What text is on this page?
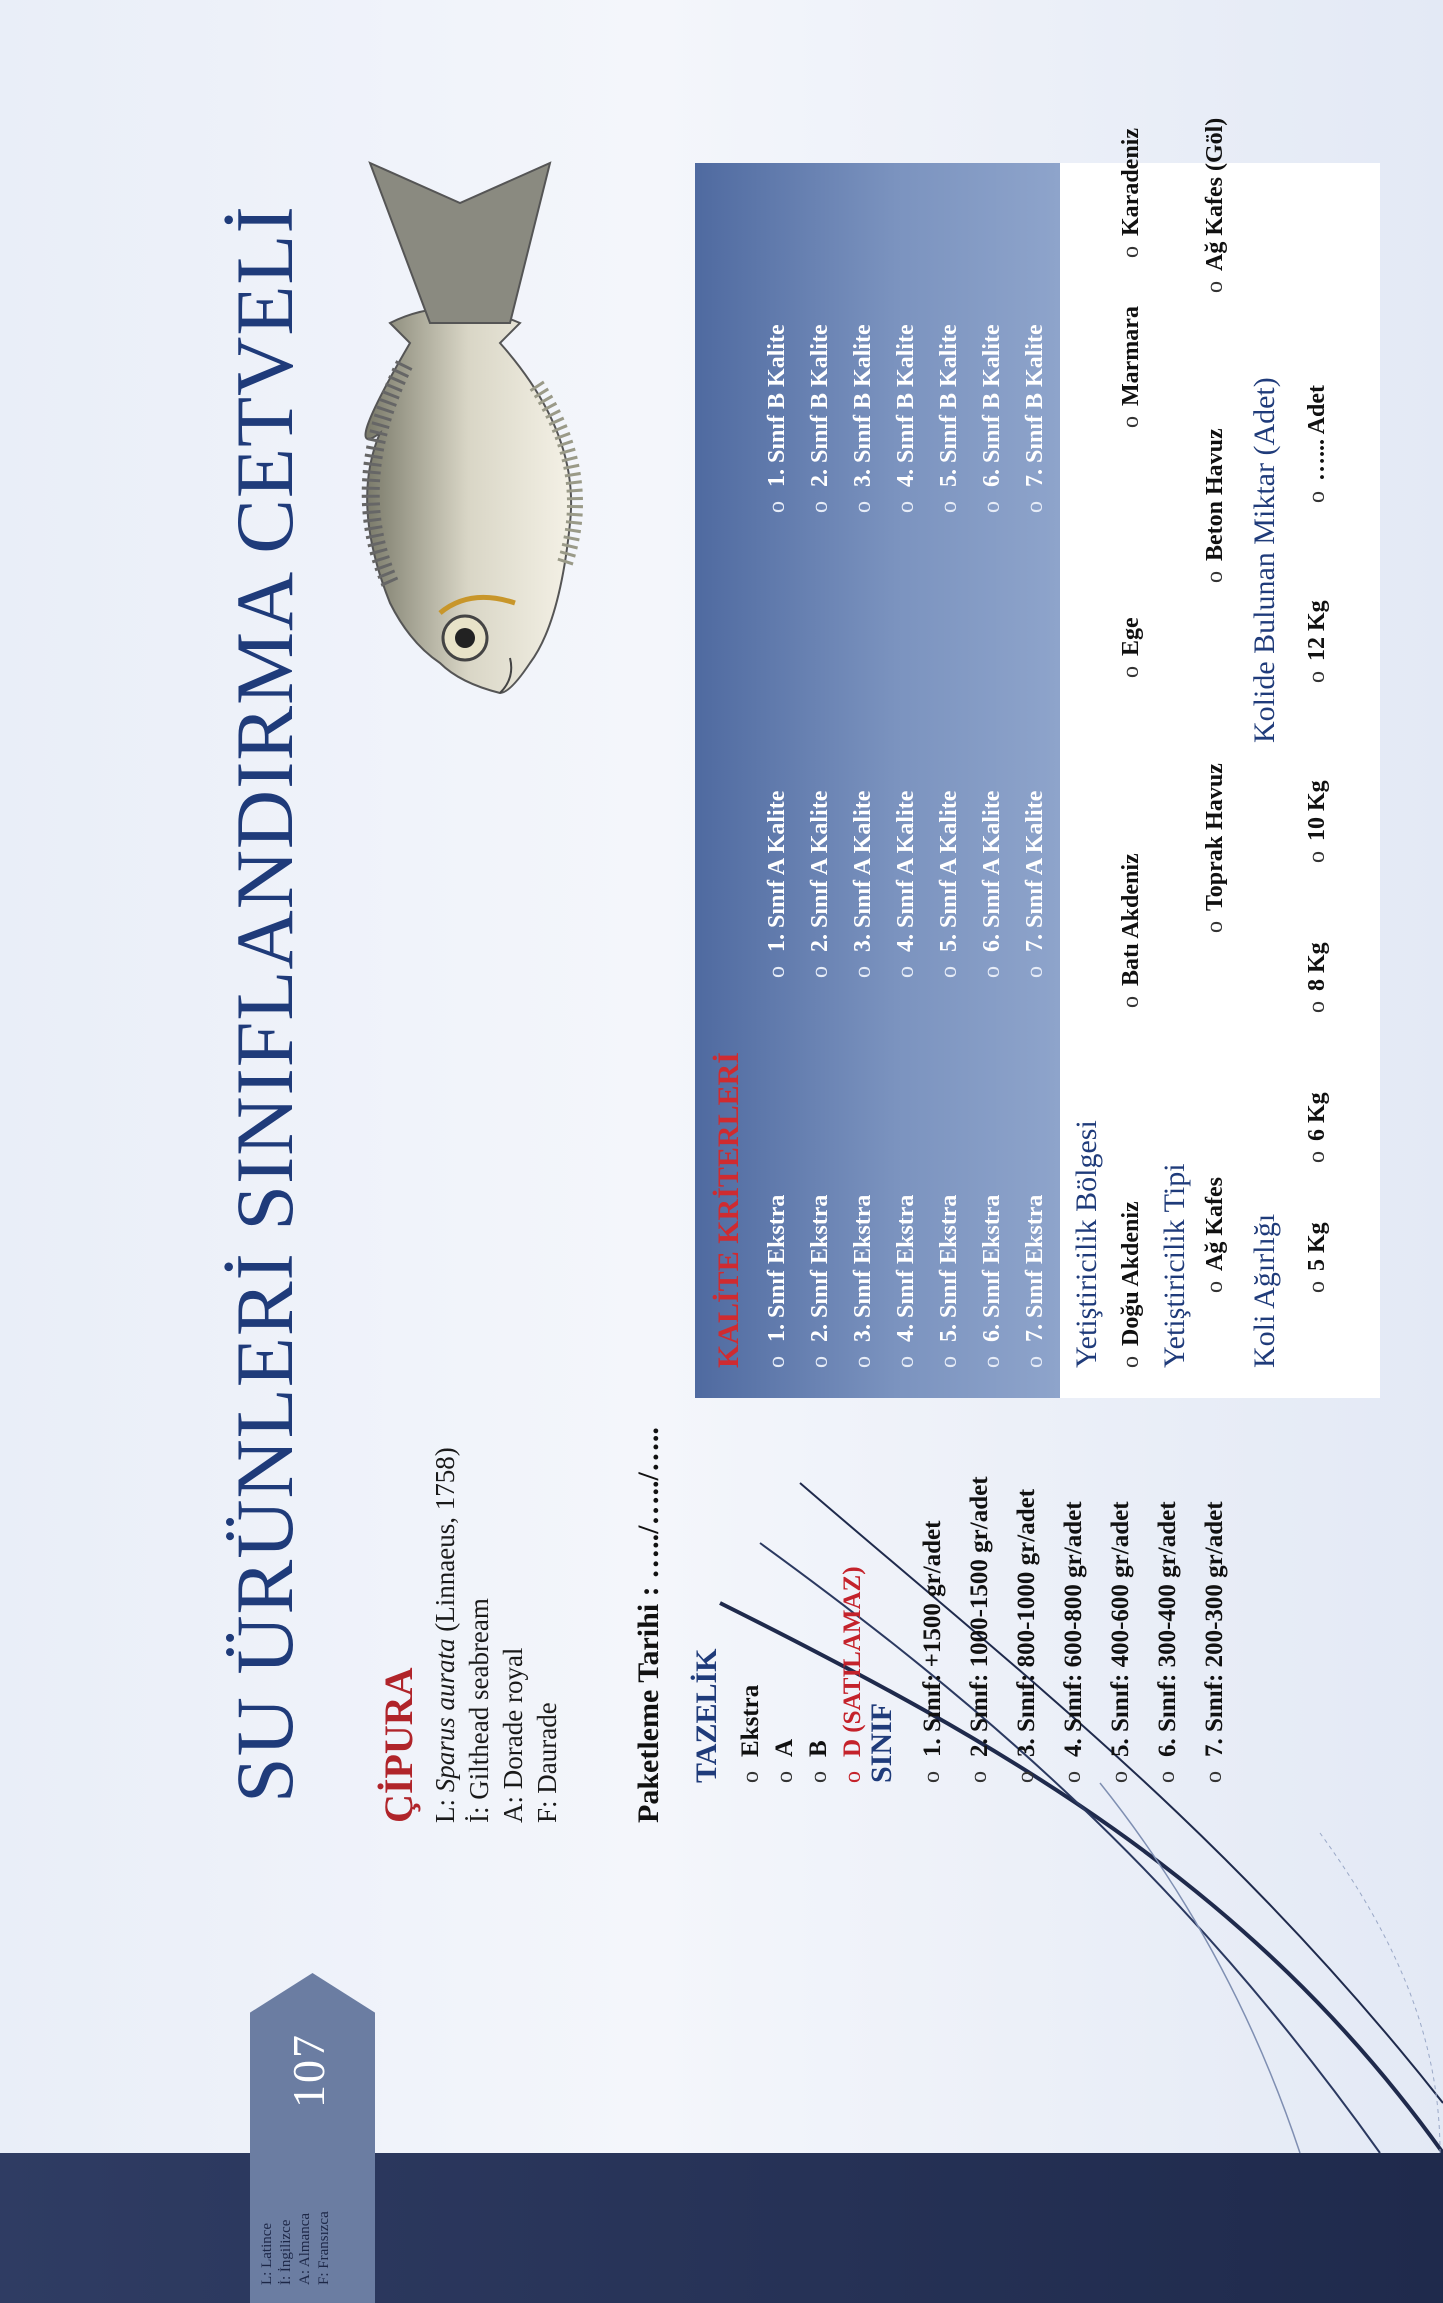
107
L: Latince İ: İngilizce A: Almanca F: Fransızca
SU ÜRÜNLERİ SINIFLANDIRMA CETVELİ ÇİPURA L: Sparus aurata (Linnaeus, 1758)
İ: Gilthead seabream A: Dorade royal F: Daurade Paketleme Tarihi : …../…../….. TAZELİK o
Ekstra
o
A
o
B
o
D (SATILAMAZ) SINIF o
1. Sınıf: +1500 gr/adet
o
2. Sınıf: 1000-1500 gr/adet
o
3. Sınıf: 800-1000 gr/adet
o
4. Sınıf: 600-800 gr/adet
o
5. Sınıf: 400-600 gr/adet
o
6. Sınıf: 300-400 gr/adet
o
7. Sınıf: 200-300 gr/adet
KALİTE KRİTERLERİ o
1. Sınıf Ekstra
o
2. Sınıf Ekstra
o
3. Sınıf Ekstra
o
4. Sınıf Ekstra
o
5. Sınıf Ekstra
o
6. Sınıf Ekstra
o
7. Sınıf Ekstra
o
1. Sınıf A Kalite
o
2. Sınıf A Kalite
o
3. Sınıf A Kalite
o
4. Sınıf A Kalite
o
5. Sınıf A Kalite
o
6. Sınıf A Kalite
o
7. Sınıf A Kalite
o
1. Sınıf B Kalite
o
2. Sınıf B Kalite
o
3. Sınıf B Kalite
o
4. Sınıf B Kalite
o
5. Sınıf B Kalite
o
6. Sınıf B Kalite
o
7. Sınıf B Kalite
Yetiştiricilik Bölgesi o
Doğu Akdeniz
o
Batı Akdeniz
o
Ege
o
Marmara
o
Karadeniz
Yetiştiricilik Tipi o
Ağ Kafes
o
Toprak Havuz
o
Beton Havuz
o
Ağ Kafes (Göl)
Koli Ağırlığı
Kolide Bulunan Miktar (Adet)
o
5 Kg
o
6 Kg
o
8 Kg
o
10 Kg
o
12 Kg
o
…... Adet
